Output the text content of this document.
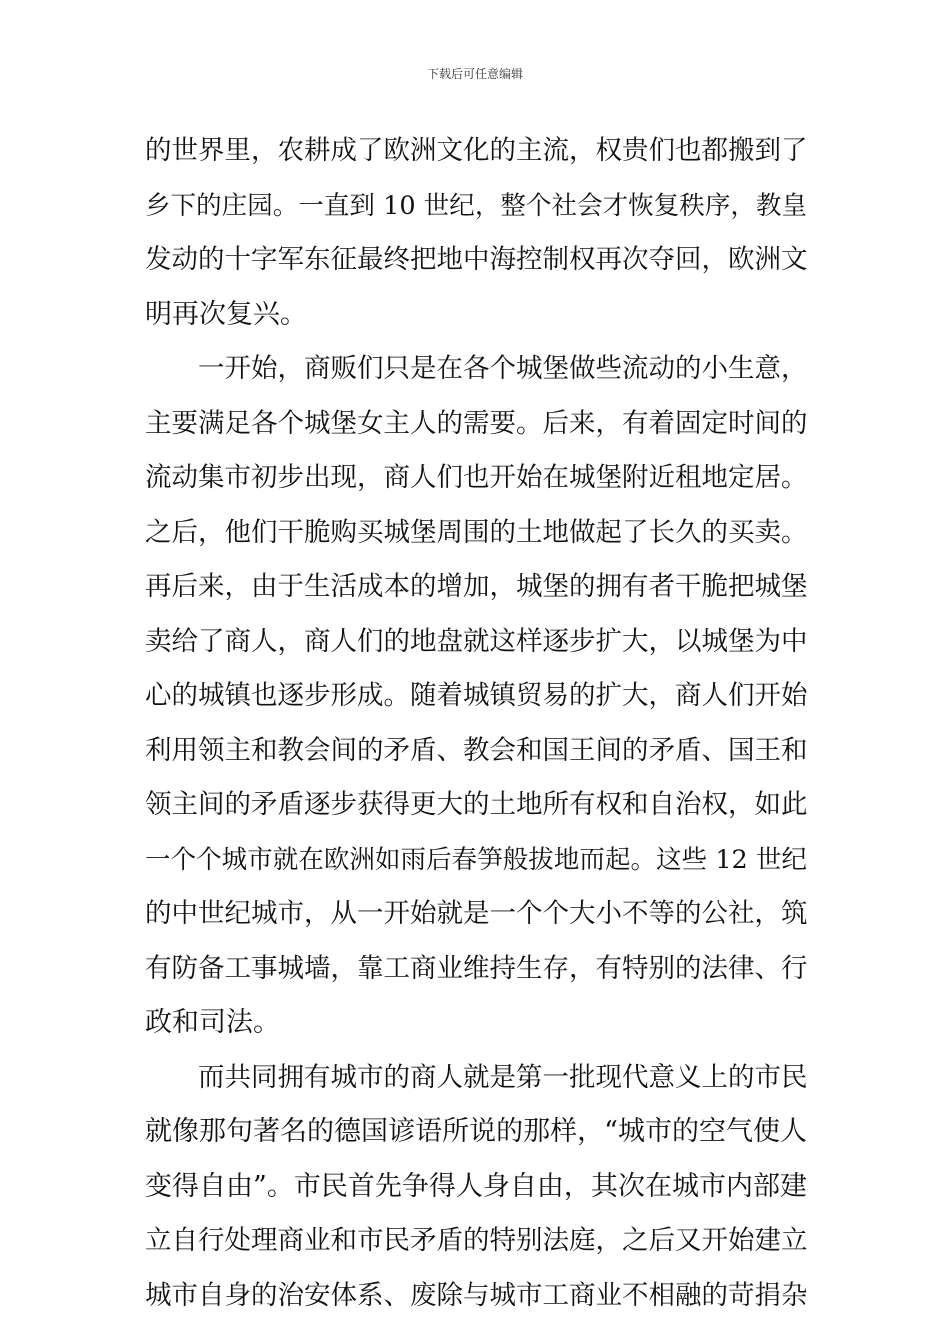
下载后可任意编辑
的世界里，农耕成了欧洲文化的主流，权贵们也都搬到了
乡下的庄园。一直到 10 世纪，整个社会才恢复秩序，教皇
发动的十字军东征最终把地中海控制权再次夺回，欧洲文
明再次复兴。
　　一开始，商贩们只是在各个城堡做些流动的小生意，
主要满足各个城堡女主人的需要。后来，有着固定时间的
流动集市初步出现，商人们也开始在城堡附近租地定居。
之后，他们干脆购买城堡周围的土地做起了长久的买卖。
再后来，由于生活成本的增加，城堡的拥有者干脆把城堡
卖给了商人，商人们的地盘就这样逐步扩大，以城堡为中
心的城镇也逐步形成。随着城镇贸易的扩大，商人们开始
利用领主和教会间的矛盾、教会和国王间的矛盾、国王和
领主间的矛盾逐步获得更大的土地所有权和自治权，如此
一个个城市就在欧洲如雨后春笋般拔地而起。这些 12 世纪
的中世纪城市，从一开始就是一个个大小不等的公社，筑
有防备工事城墙，靠工商业维持生存，有特别的法律、行
政和司法。
　　而共同拥有城市的商人就是第一批现代意义上的市民
就像那句著名的德国谚语所说的那样，“城市的空气使人
变得自由”。市民首先争得人身自由，其次在城市内部建
立自行处理商业和市民矛盾的特别法庭，之后又开始建立
城市自身的治安体系、废除与城市工商业不相融的苛捐杂
